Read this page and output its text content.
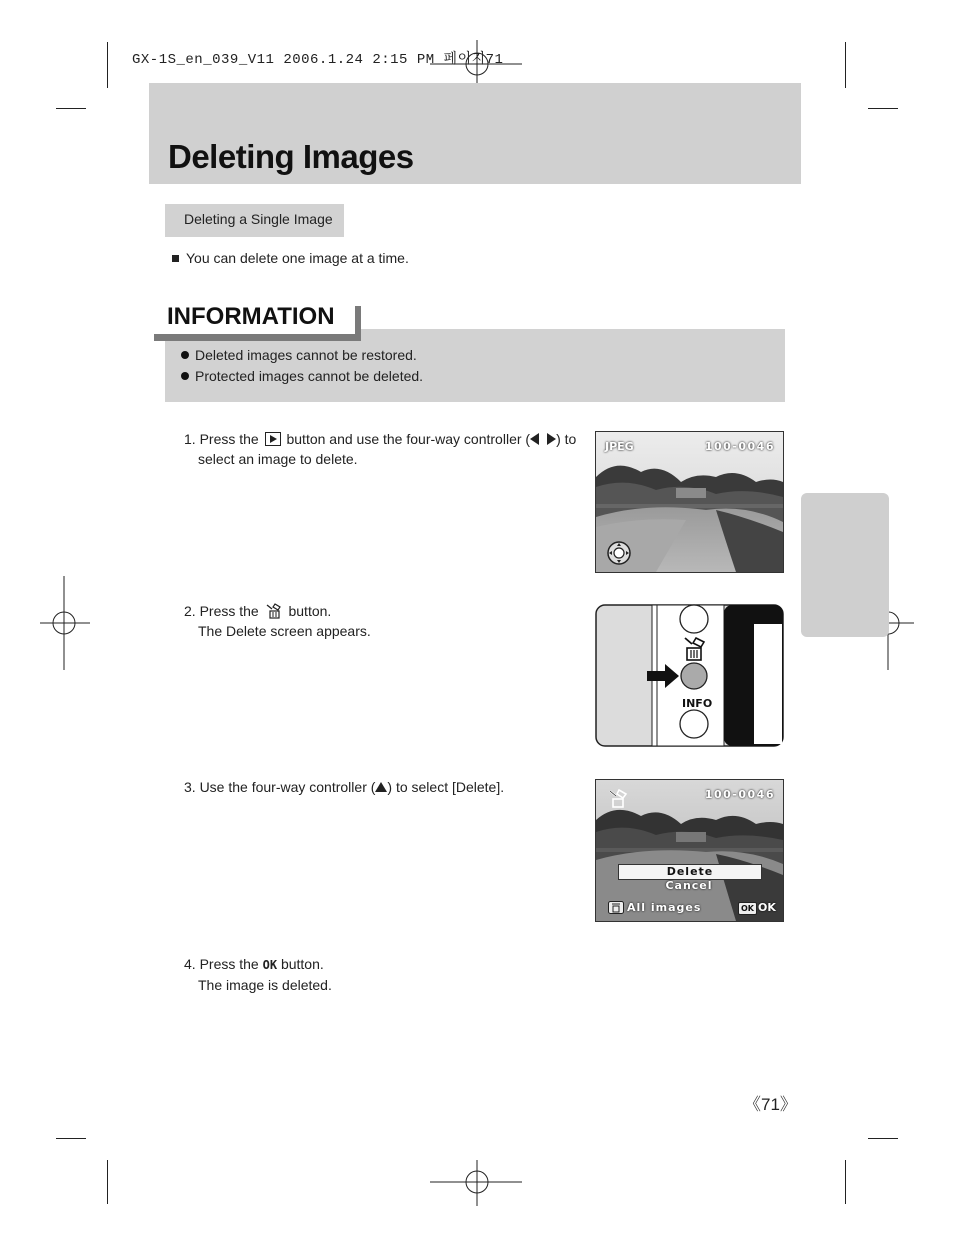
GX-1S_en_039_V11 2006.1.24 2:15 PM 페이지71
Deleting Images
Deleting a Single Image
You can delete one image at a time.
INFORMATION
Deleted images cannot be restored.
Protected images cannot be deleted.
1. Press the button and use the four-way controller ( ) to
select an image to delete.
2. Press the button.
The Delete screen appears.
3. Use the four-way controller ( ) to select [Delete].
4. Press the OK button.
The image is deleted.
JPEG	100-0046
INFO
100-0046
Delete
Cancel
All images	OK OK
《71》
